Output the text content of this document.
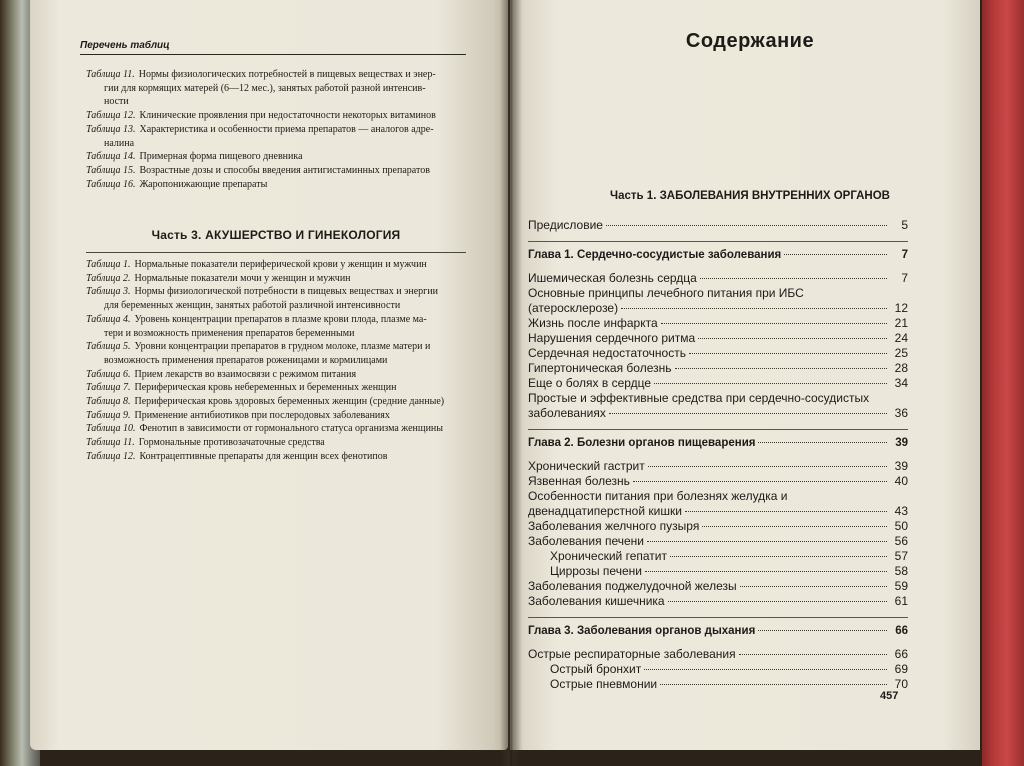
Перечень таблиц
Таблица 11. Нормы физиологических потребностей в пищевых веществах и энер-
гии для кормящих матерей (6—12 мес.), занятых работой разной интенсив-
ности
Таблица 12. Клинические проявления при недостаточности некоторых витаминов
Таблица 13. Характеристика и особенности приема препаратов — аналогов адре-
налина
Таблица 14. Примерная форма пищевого дневника
Таблица 15. Возрастные дозы и способы введения антигистаминных препаратов
Таблица 16. Жаропонижающие препараты
Часть 3. АКУШЕРСТВО И ГИНЕКОЛОГИЯ
Таблица 1. Нормальные показатели периферической крови у женщин и мужчин
Таблица 2. Нормальные показатели мочи у женщин и мужчин
Таблица 3. Нормы физиологической потребности в пищевых веществах и энергии
для беременных женщин, занятых работой различной интенсивности
Таблица 4. Уровень концентрации препаратов в плазме крови плода, плазме ма-
тери и возможность применения препаратов беременными
Таблица 5. Уровни концентрации препаратов в грудном молоке, плазме матери и
возможность применения препаратов роженицами и кормилицами
Таблица 6. Прием лекарств во взаимосвязи с режимом питания
Таблица 7. Периферическая кровь небеременных и беременных женщин
Таблица 8. Периферическая кровь здоровых беременных женщин (средние данные)
Таблица 9. Применение антибиотиков при послеродовых заболеваниях
Таблица 10. Фенотип в зависимости от гормонального статуса организма женщины
Таблица 11. Гормональные противозачаточные средства
Таблица 12. Контрацептивные препараты для женщин всех фенотипов
Содержание
Часть 1. ЗАБОЛЕВАНИЯ ВНУТРЕННИХ ОРГАНОВ
Предисловие	5
Глава 1. Сердечно-сосудистые заболевания	7
Ишемическая болезнь сердца	7
Основные принципы лечебного питания при ИБС
(атеросклерозе)	12
Жизнь после инфаркта	21
Нарушения сердечного ритма	24
Сердечная недостаточность	25
Гипертоническая болезнь	28
Еще о болях в сердце	34
Простые и эффективные средства при сердечно-сосудистых
заболеваниях	36
Глава 2. Болезни органов пищеварения	39
Хронический гастрит	39
Язвенная болезнь	40
Особенности питания при болезнях желудка и
двенадцатиперстной кишки	43
Заболевания желчного пузыря	50
Заболевания печени	56
Хронический гепатит	57
Циррозы печени	58
Заболевания поджелудочной железы	59
Заболевания кишечника	61
Глава 3. Заболевания органов дыхания	66
Острые респираторные заболевания	66
Острый бронхит	69
Острые пневмонии	70
457
